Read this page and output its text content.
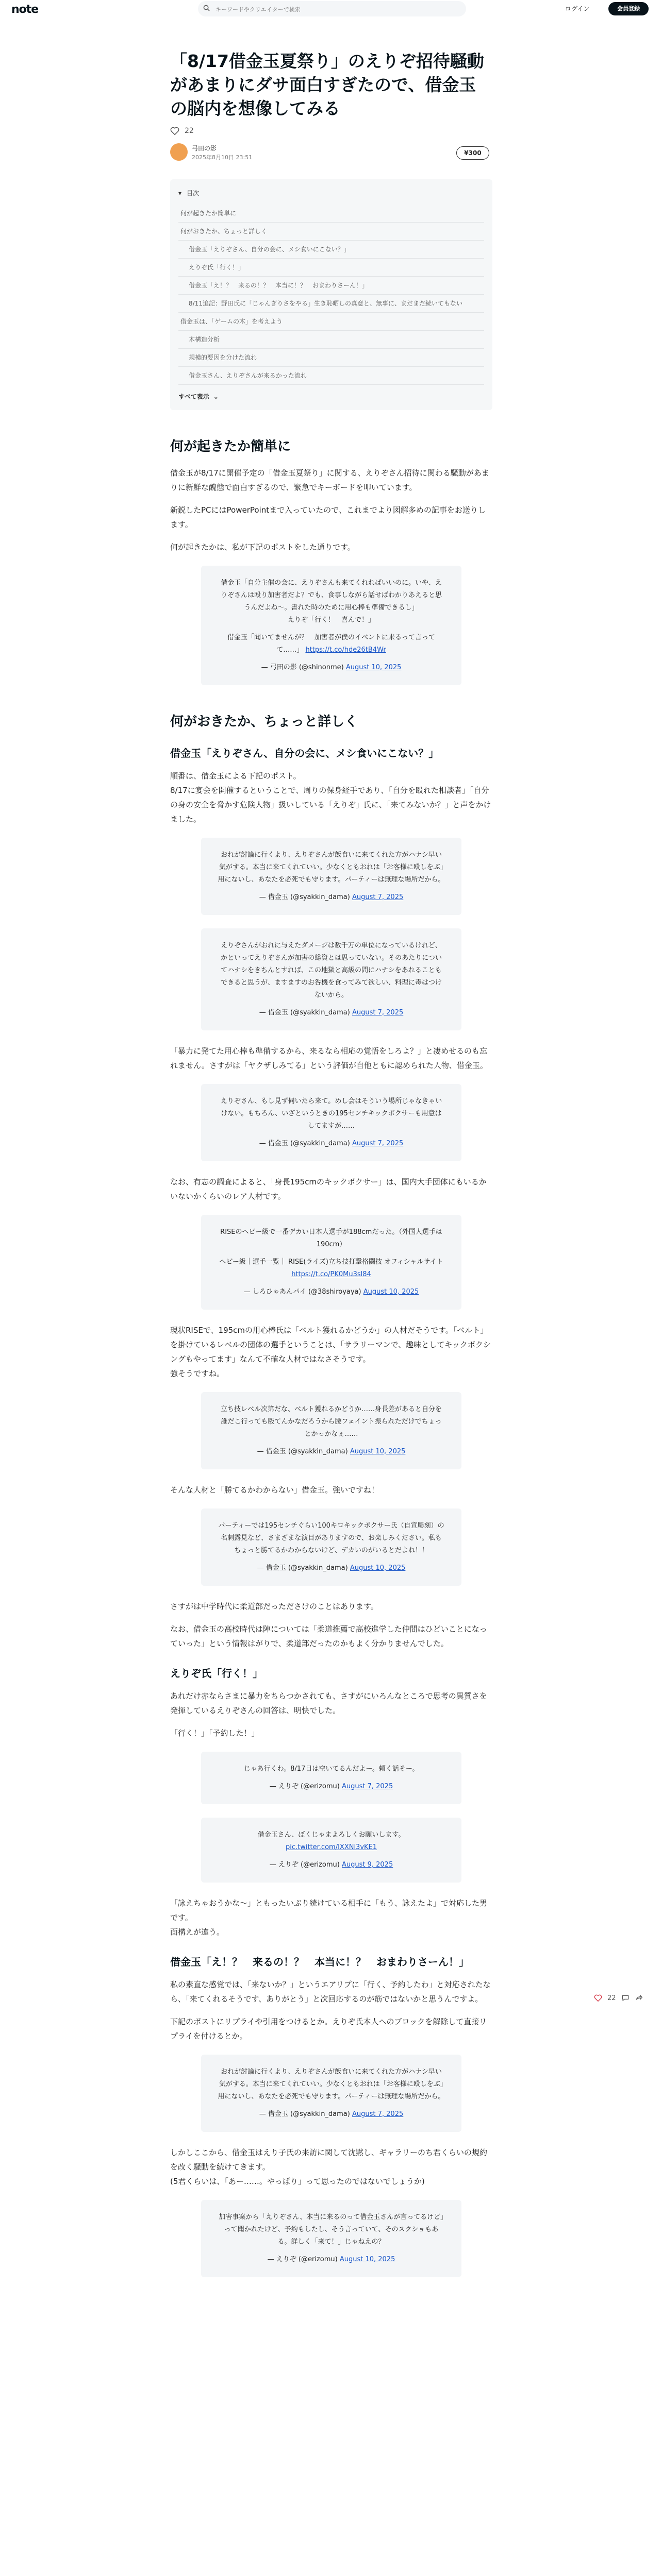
note
キーワードやクリエイターで検索	ログイン	会員登録
「8/17借金玉夏祭り」のえりぞ招待騒動があまりにダサ面白すぎたので、借金玉の脳内を想像してみる
22
弓田の影
2025年8月10日 23:51
¥300
▾ 目次
何が起きたか簡単に
何がおきたか、ちょっと詳しく
借金玉「えりぞさん、自分の会に、メシ食いにこない？」
えりぞ氏「行く！」
借金玉「え！？　来るの！？　本当に！？　おまわりさーん！」
8/11追記：野田氏に「じゃんぎりさをやる」生き恥晒しの真意と、無事に、まだまだ続いてもない
借金玉は、「ゲームの木」を考えよう
木構造分析
規模的要因を分けた流れ
借金玉さん、えりぞさんが来るかった流れ
すべて表示 ⌄
何が起きたか簡単に

借金玉が8/17に開催予定の「借金玉夏祭り」に関する、えりぞさん招待に関わる騒動があまりに新鮮な醜態で面白すぎるので、緊急でキーボードを叩いています。

新鋭したPCにはPowerPointまで入っていたので、これまでより図解多めの記事をお送りします。

何が起きたかは、私が下記のポストをした通りです。

借金玉「自分主催の会に、えりぞさんも来てくれればいいのに。いや、えりぞさんは殴り加害者だよ？でも、食事しながら話せばわかりあえると思うんだよね～。書れた時のために用心棒も準備できるし」
えりぞ「行く！　喜んで！」
借金玉「聞いてませんが？　加害者が僕のイベントに来るって言ってて……」 https://t.co/hde26tB4Wr
— 弓田の影 (@shinonme) August 10, 2025
何がおきたか、ちょっと詳しく
借金玉「えりぞさん、自分の会に、メシ食いにこない？」

順番は、借金玉による下記のポスト。

8/17に宴会を開催するということで、周りの保身経手であり、「自分を殴れた相談者」「自分の身の安全を脅かす危険人物」扱いしている「えりぞ」氏に、「来てみないか？」と声をかけました。

おれが討論に行くより、えりぞさんが飯食いに来てくれた方がハナシ早い気がする。本当に来てくれていい。少なくともおれは「お客様に殴しをぶ」用にないし、あなたを必死でも守ります。パーティーは無理な場所だから。
— 借金玉 (@syakkin_dama) August 7, 2025
えりぞさんがおれに与えたダメージは数千万の単位になっているけれど、かといってえりぞさんが加害の総資とは思っていない。そのあたりについてハナシをきちんとすれば、この地獄と高級の間にハナシをあれることもできると思うが、ますますのお咎機を食ってみて欲しい、料理に毒はつけないから。
— 借金玉 (@syakkin_dama) August 7, 2025

「暴力に発てた用心棒も準備するから、来るなら相応の覚悟をしろよ？」と凄めせるのも忘れません。さすがは「ヤクザしみてる」という評価が自他ともに認められた人物、借金玉。

えりぞさん、もし見ず伺いたら来て。めし会はそういう場所じゃなきゃいけない。もちろん、いざというときの195センチキックボクサーも用意はしてますが……
— 借金玉 (@syakkin_dama) August 7, 2025

なお、有志の調査によると、「身長195cmのキックボクサー」は、国内大手団体にもいるかいないかくらいのレア人材です。

RISEのヘビー級で一番デカい日本人選手が188cmだった。（外国人選手は190cm）
ヘビー級｜選手一覧｜ RISE(ライズ)立ち技打撃格闘技 オフィシャルサイト https://t.co/PK0Mu3sl84
— しろひゃあんパイ (@38shiroyaya) August 10, 2025

現状RISEで、195cmの用心棒氏は「ベルト獲れるかどうか」の人材だそうです。「ベルト」を掛けているレベルの団体の選手ということは、「サラリーマンで、趣味としてキックボクシングもやってます」なんて不確な人材ではなさそうです。

強そうですね。

立ち技レベル次第だな、ベルト獲れるかどうか……身長差があると自分を誰だこ行っても殴てんかなだろうから腰フェイント振られただけでちょっとかっかなぇ……
— 借金玉 (@syakkin_dama) August 10, 2025

そんな人材と「勝てるかわからない」借金玉。強いですね！

パーティーでは195センチぐらい100キロキックボクサー氏（自宣彫刻）の名刺露見など、さまざまな演目がありますので、お楽しみください。私もちょっと勝てるかわからないけど、デカいのがいるとだよね！！
— 借金玉 (@syakkin_dama) August 10, 2025

さすがは中学時代に柔道部だったださけのことはあります。

なお、借金玉の高校時代は陣については「柔道推薦で高校進学した仲間はひどいことになっていった」という情報はがりで、柔道部だったのかもよく分かりませんでした。

えりぞ氏「行く！」

あれだけ赤ならさまに暴力をちらつかされても、さすがにいろんなところで思考の異質さを発揮しているえりぞさんの回答は、明快でした。

「行く！」「予約した！」

じゃあ行くわ。8/17日は空いてるんだよー。頼く話そー。
— えりぞ (@erizomu) August 7, 2025
借金玉さん、ぼくじゃまよろしくお願いします。
pic.twitter.com/IXXNi3vKE1
— えりぞ (@erizomu) August 9, 2025

「詠えちゃおうかな〜」ともったいぶり続けている相手に「もう、詠えたよ」で対応した男です。

面構えが違う。

借金玉「え！？　来るの！？　本当に！？　おまわりさーん！」

私の素直な感覚では、「来ないか？」というエアリプに「行く、予約したわ」と対応されたなら、「来てくれるそうです、ありがとう」と次回応するのが筋ではないかと思うんですよ。

下記のポストにリプライや引用をつけるとか。えりぞ氏本人へのブロックを解除して直接リプライを付けるとか。

おれが討論に行くより、えりぞさんが飯食いに来てくれた方がハナシ早い気がする。本当に来てくれていい。少なくともおれは「お客様に殴しをぶ」用にないし、あなたを必死でも守ります。パーティーは無理な場所だから。
— 借金玉 (@syakkin_dama) August 7, 2025

しかしここから、借金玉はえり子氏の来訪に関して沈黙し、ギャラリーのち君くらいの規約を改く騒動を続けてきます。

(5君くらいは、「あー……。やっぱり」って思ったのではないでしょうか)

加害事案から「えりぞさん、本当に来るのって借金玉さんが言ってるけど」って聞かれたけど、予約もしたし、そう言っていて、そのスクショもある。詳しく「来て！」じゃねえの？
— えりぞ (@erizomu) August 10, 2025
22
